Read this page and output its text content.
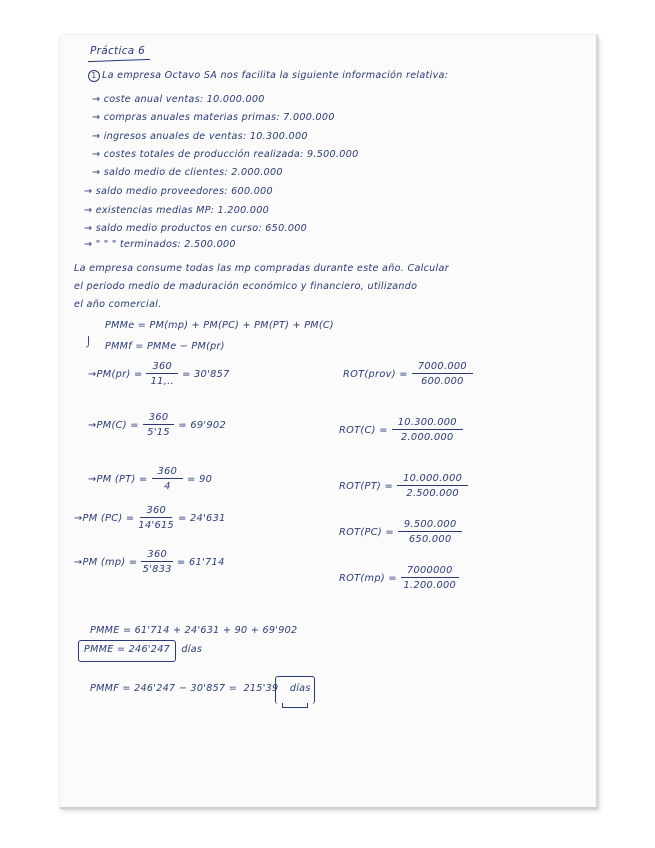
Práctica 6
1 La empresa Octavo SA nos facilita la siguiente información relativa:
→ coste anual ventas: 10.000.000
→ compras anuales materias primas: 7.000.000
→ ingresos anuales de ventas: 10.300.000
→ costes totales de producción realizada: 9.500.000
→ saldo medio de clientes: 2.000.000
→ saldo medio proveedores: 600.000
→ existencias medias MP: 1.200.000
→ saldo medio productos en curso: 650.000
→ " " " terminados: 2.500.000
La empresa consume todas las mp compradas durante este año. Calcular
el periodo medio de maduración económico y financiero, utilizando
el año comercial.
PMMe = PM(mp) + PM(PC) + PM(PT) + PM(C)
⌡ PMMf = PMMe − PM(pr)
$\to PM(pr) = \frac{360}{11,..} = 30'857$
$\to PM(C) = \frac{360}{5'15} = 69'902$
→PM $(PT) = \frac{360}{4} = 90$
→PM $(PC) = \frac{360}{14'615} = 24'631$
→PM $(mp) = \frac{360}{5'833} = 61'714$
ROT(prov) = $\frac{7000.000}{600.000}$
$ROT(C) = \frac{10.300.000}{2.000.000}$
$ROT(PT) = \frac{10.000.000}{2.500.000}$
$ROT(PC) = \frac{9.500.000}{650.000}$
$ROT(mp) = \frac{7000000}{1.200.000}$
PMME = 61'714 + 24'631 + 90 + 69'902
PMME = 246'247 días
PMMF = 246'247 − 30'857 = 215'39 días
